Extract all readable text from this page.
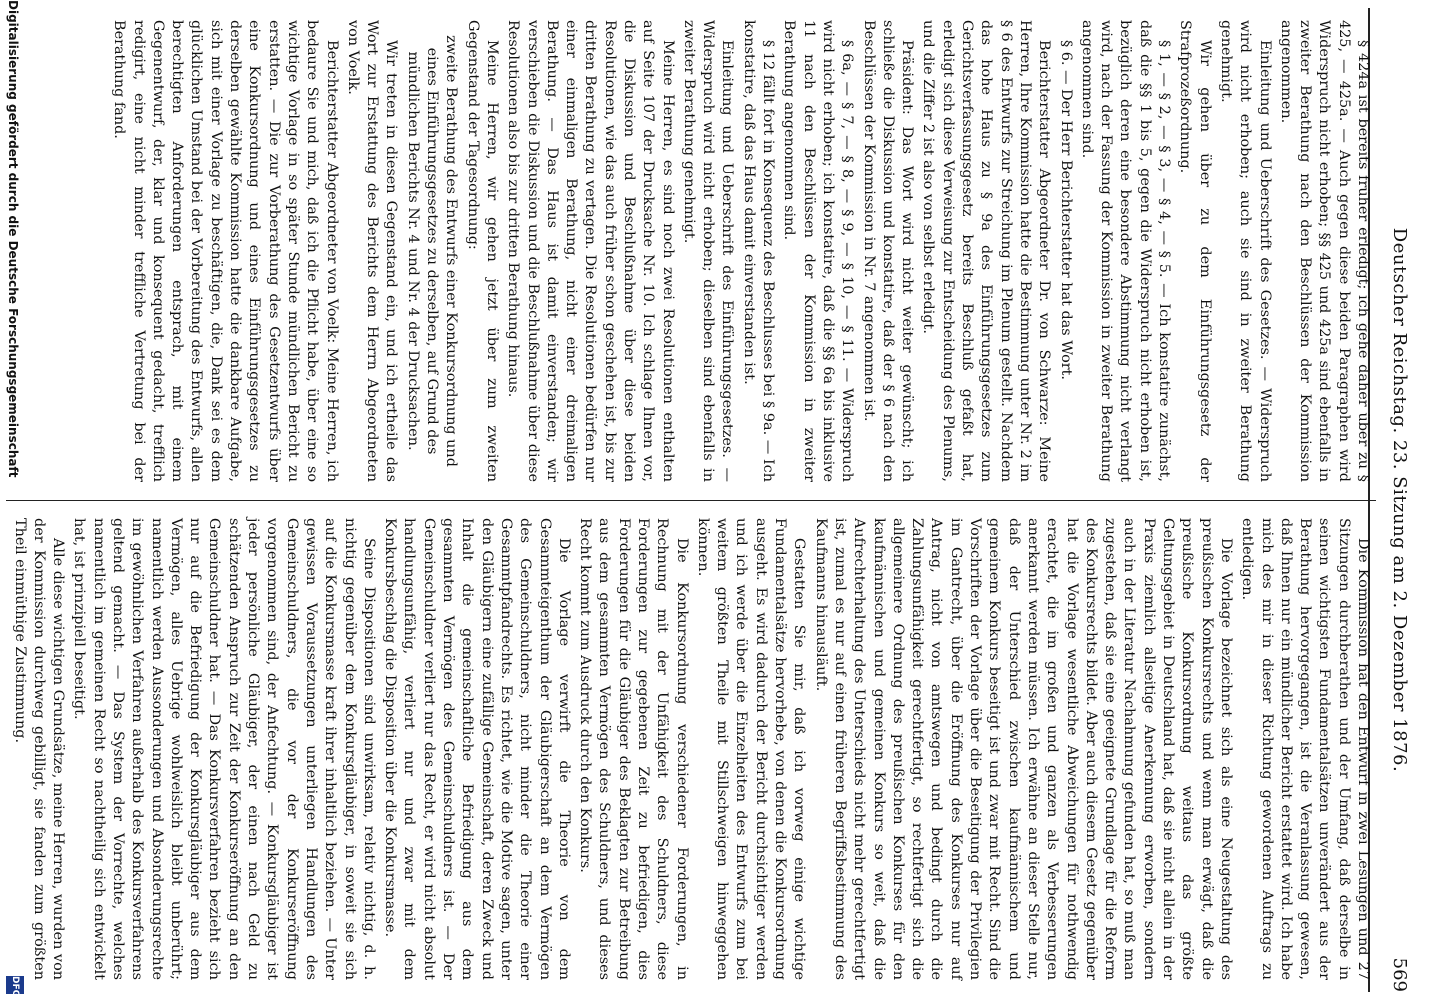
Deutscher Reichstag. 23. Sitzung am 2. Dezember 1876.
569

§ 424a ist bereits früher erledigt; ich gehe daher über zu § 425, — 425a. — Auch gegen diese beiden Paragraphen wird Widerspruch nicht erhoben; §§ 425 und 425a sind ebenfalls in zweiter Berathung nach den Beschlüssen der Kommission angenommen.

Einleitung und Ueberschrift des Gesetzes. — Widerspruch wird nicht erhoben; auch sie sind in zweiter Berathung genehmigt.

Wir gehen über zu dem Einführungsgesetz der Strafprozeßordnung.

§ 1, — § 2, — § 3, — § 4, — § 5. — Ich konstatire zunächst, daß die §§ 1 bis 5, gegen die Widerspruch nicht erhoben ist, bezüglich deren eine besondere Abstimmung nicht verlangt wird, nach der Fassung der Kommission in zweiter Berathung angenommen sind.

§ 6. — Der Herr Berichterstatter hat das Wort.

Berichterstatter Abgeordneter Dr. von Schwarze: Meine Herren, Ihre Kommission hatte die Bestimmung unter Nr. 2 im § 6 des Entwurfs zur Streichung im Plenum gestellt. Nachdem das hohe Haus zu § 9a des Einführungsgesetzes zum Gerichtsverfassungsgesetz bereits Beschluß gefaßt hat, erledigt sich diese Verweisung zur Entscheidung des Plenums, und die Ziffer 2 ist also von selbst erledigt.

Präsident: Das Wort wird nicht weiter gewünscht; ich schließe die Diskussion und konstatire, daß der § 6 nach den Beschlüssen der Kommission in Nr. 7 angenommen ist.

§ 6a, — § 7, — § 8, — § 9, — § 10, — § 11. — Widerspruch wird nicht erhoben; ich konstatire, daß die §§ 6a bis inklusive 11 nach den Beschlüssen der Kommission in zweiter Berathung angenommen sind.

§ 12 fällt fort in Konsequenz des Beschlusses bei § 9a. — Ich konstatire, daß das Haus damit einverstanden ist.

Einleitung und Ueberschrift des Einführungsgesetzes. — Widerspruch wird nicht erhoben; dieselben sind ebenfalls in zweiter Berathung genehmigt.

Meine Herren, es sind noch zwei Resolutionen enthalten auf Seite 107 der Drucksache Nr. 10. Ich schlage Ihnen vor, die Diskussion und Beschlußnahme über diese beiden Resolutionen, wie das auch früher schon geschehen ist, bis zur dritten Berathung zu vertagen. Die Resolutionen bedürfen nur einer einmaligen Berathung, nicht einer dreimaligen Berathung. — Das Haus ist damit einverstanden; wir verschieben die Diskussion und die Beschlußnahme über diese Resolutionen also bis zur dritten Berathung hinaus.

Meine Herren, wir gehen jetzt über zum zweiten Gegenstand der Tagesordnung:

zweite Berathung des Entwurfs einer Konkursordnung und eines Einführungsgesetzes zu derselben, auf Grund des mündlichen Berichts Nr. 4 und Nr. 4 der Drucksachen.

Wir treten in diesen Gegenstand ein, und ich ertheile das Wort zur Erstattung des Berichts dem Herrn Abgeordneten von Voelk.

Berichterstatter Abgeordneter von Voelk: Meine Herren, ich bedaure Sie und mich, daß ich die Pflicht habe, über eine so wichtige Vorlage in so später Stunde mündlichen Bericht zu erstatten. — Die zur Vorberathung des Gesetzentwurfs über eine Konkursordnung und eines Einführungsgesetzes zu derselben gewählte Kommission hatte die dankbare Aufgabe, sich mit einer Vorlage zu beschäftigen, die, Dank sei es dem glücklichen Umstand bei der Vorbereitung des Entwurfs, allen berechtigten Anforderungen entsprach, mit einem Gegenentwurf, der, klar und konsequent gedacht, trefflich redigirt, eine nicht minder treffliche Vertretung bei der Berathung fand.

Die Kommission hat den Entwurf in zwei Lesungen und 27 Sitzungen durchberathen und der Umfang, daß derselbe in seinen wichtigsten Fundamentalsätzen unverändert aus der Berathung hervorgegangen, ist die Veranlassung gewesen, daß Ihnen nur ein mündlicher Bericht erstattet wird. Ich habe mich des mir in dieser Richtung gewordenen Auftrags zu entledigen.

Die Vorlage bezeichnet sich als eine Neugestaltung des preußischen Konkursrechts und wenn man erwägt, daß die preußische Konkursordnung weitaus das größte Geltungsgebiet in Deutschland hat, daß sie nicht allein in der Praxis ziemlich allseitige Anerkennung erworben, sondern auch in der Literatur Nachahmung gefunden hat, so muß man zugestehen, daß sie eine geeignete Grundlage für die Reform des Konkursrechts bildet. Aber auch diesem Gesetz gegenüber hat die Vorlage wesentliche Abweichungen für nothwendig erachtet, die im großen und ganzen als Verbesserungen anerkannt werden müssen. Ich erwähne an dieser Stelle nur, daß der Unterschied zwischen kaufmännischem und gemeinem Konkurs beseitigt ist und zwar mit Recht. Sind die Vorschriften der Vorlage über die Beseitigung der Privilegien im Gantrecht, über die Eröffnung des Konkurses nur auf Antrag, nicht von amtswegen und bedingt durch die Zahlungsunfähigkeit gerechtfertigt, so rechtfertigt sich die allgemeinere Ordnung des preußischen Konkurses für den kaufmännischen und gemeinen Konkurs so weit, daß die Aufrechterhaltung des Unterschieds nicht mehr gerechtfertigt ist, zumal es nur auf einen früheren Begriffsbestimmung des Kaufmanns hinausläuft.

Gestatten Sie mir, daß ich vorweg einige wichtige Fundamentalsätze hervorhebe, von denen die Konkursordnung ausgeht. Es wird dadurch der Bericht durchsichtiger werden und ich werde über die Einzelheiten des Entwurfs zum bei weitem größten Theile mit Stillschweigen hinweggehen können.

Die Konkursordnung verschiedener Forderungen, in Rechnung mit der Unfähigkeit des Schuldners, diese Forderungen zur gegebenen Zeit zu befriedigen, dies Forderungen für die Gläubiger des Beklagten zur Betreibung aus dem gesammten Vermögen des Schuldners, und dieses Recht kommt zum Ausdruck durch den Konkurs.

Die Vorlage verwirft die Theorie von dem Gesammteigenthum der Gläubigerschaft an dem Vermögen des Gemeinschuldners, nicht minder die Theorie einer Gesammtpfandrechts. Es richtet, wie die Motive sagen, unter den Gläubigern eine zufällige Gemeinschaft, deren Zweck und Inhalt die gemeinschaftliche Befriedigung aus dem gesammten Vermögen des Gemeinschuldners ist. — Der Gemeinschuldner verliert nur das Recht, er wird nicht absolut handlungsunfähig, verliert nur und zwar mit dem Konkursbeschlag die Disposition über die Konkursmasse.

Seine Dispositionen sind unwirksam, relativ nichtig, d. h. nichtig gegenüber dem Konkursgläubiger, in soweit sie sich auf die Konkursmasse kraft ihrer inhaltlich beziehen. — Unter gewissen Voraussetzungen unterliegen Handlungen des Gemeinschuldners, die vor der Konkurseröffnung vorgenommen sind, der Anfechtung. — Konkursgläubiger ist jeder persönliche Gläubiger, der einen nach Geld zu schätzenden Anspruch zur Zeit der Konkurseröffnung an den Gemeinschuldner hat. — Das Konkursverfahren bezieht sich nur auf die Befriedigung der Konkursgläubiger aus dem Vermögen, alles Uebrige wohlweislich bleibt unberührt; namentlich werden Aussonderungen und Absonderungsrechte im gewöhnlichen Verfahren außerhalb des Konkursverfahrens geltend gemacht. — Das System der Vorrechte, welches namentlich im gemeinen Recht so nachtheilig sich entwickelt hat, ist prinzipiell beseitigt.

Alle diese wichtigen Grundsätze, meine Herren, wurden von der Kommission durchweg gebilligt, sie fanden zum größten Theil einmüthige Zustimmung.

Digitalisierung gefördert durch die Deutsche Forschungsgemeinschaft
DFG
